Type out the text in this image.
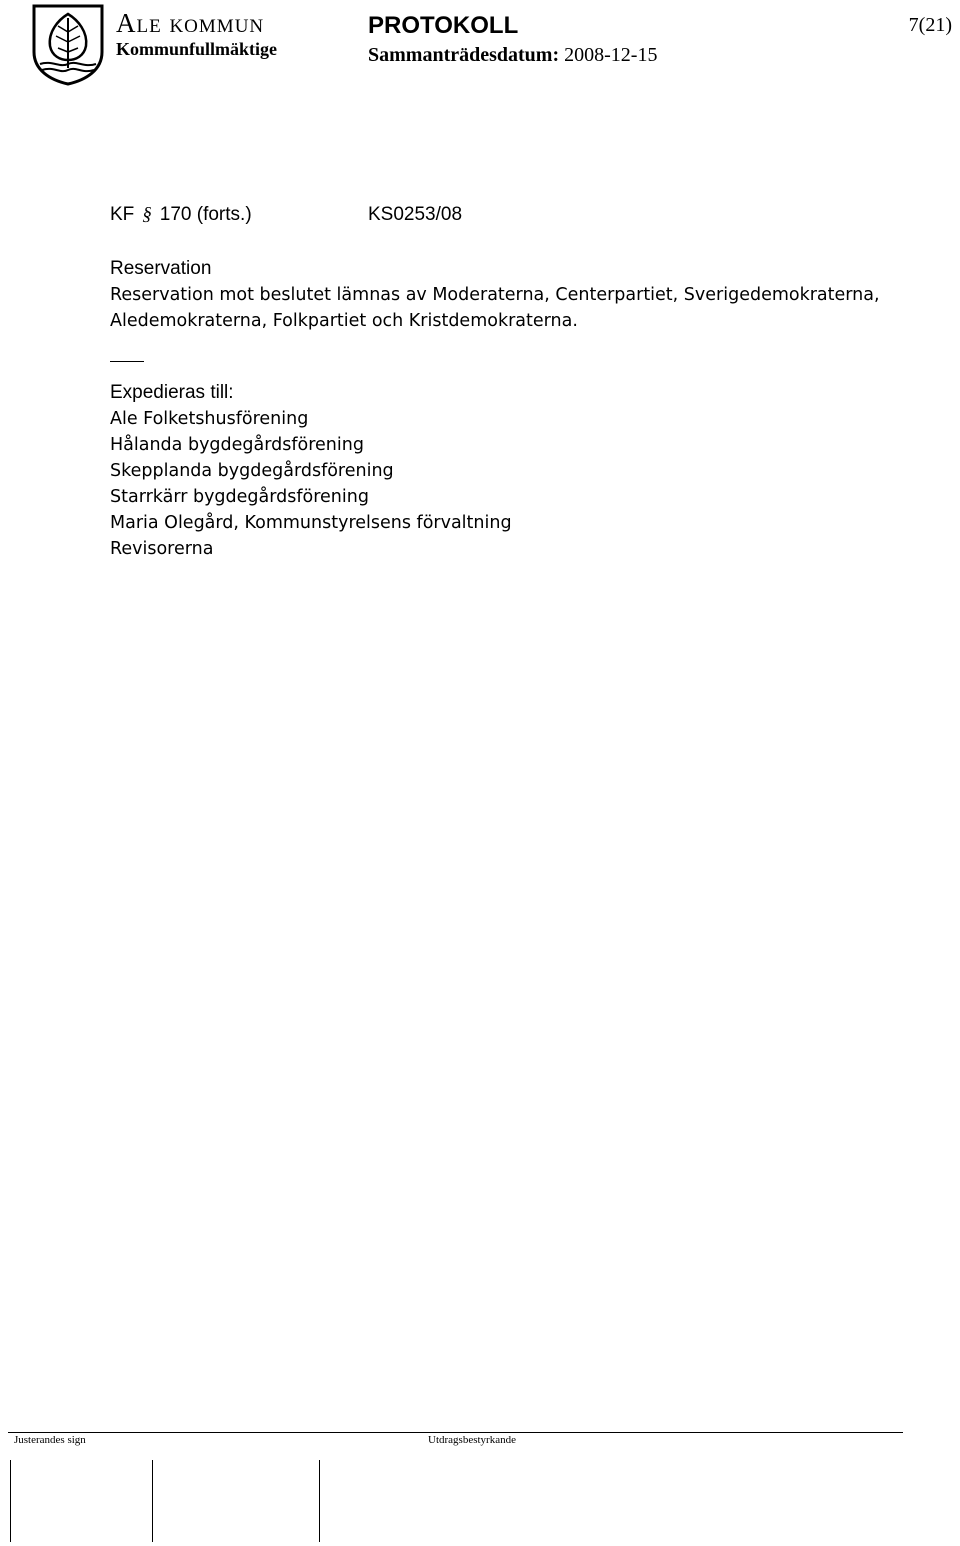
Ale kommun
Kommunfullmäktige
PROTOKOLL
Sammanträdesdatum: 2008-12-15
7(21)
KF § 170 (forts.)	KS0253/08
Reservation
Reservation mot beslutet lämnas av Moderaterna, Centerpartiet, Sverigedemokraterna,
Aledemokraterna, Folkpartiet och Kristdemokraterna.
Expedieras till:
Ale Folketshusförening
Hålanda bygdegårdsförening
Skepplanda bygdegårdsförening
Starrkärr bygdegårdsförening
Maria Olegård, Kommunstyrelsens förvaltning
Revisorerna
Justerandes sign	Utdragsbestyrkande
